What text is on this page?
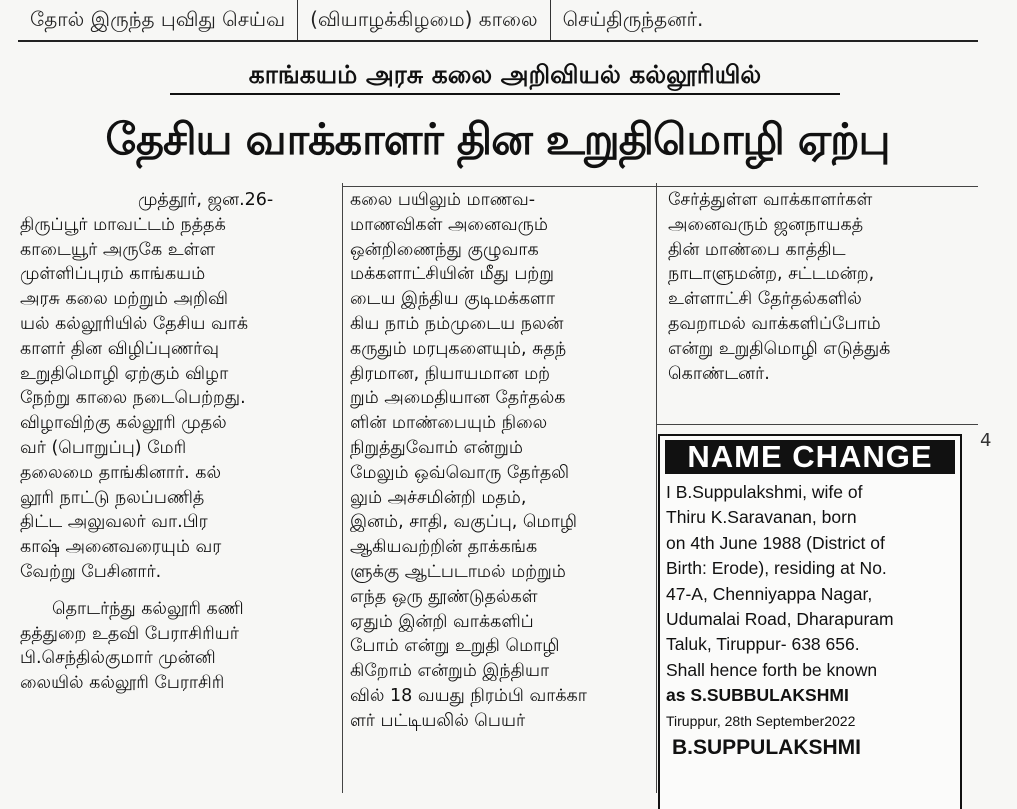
தோல் இருந்த புவிது செய்வ	(வியாழக்கிழமை) காலை	செய்திருந்தனர்.
காங்கயம் அரசு கலை அறிவியல் கல்லூரியில்
தேசிய வாக்காளர் தின உறுதிமொழி ஏற்பு

முத்தூர், ஜன.26-

திருப்பூர் மாவட்டம் நத்தக்

காடையூர் அருகே உள்ள

முள்ளிப்புரம் காங்கயம்

அரசு கலை மற்றும் அறிவி

யல் கல்லூரியில் தேசிய வாக்

காளர் தின விழிப்புணர்வு

உறுதிமொழி ஏற்கும் விழா

நேற்று காலை நடைபெற்றது.

விழாவிற்கு கல்லூரி முதல்

வர் (பொறுப்பு) மேரி

தலைமை தாங்கினார். கல்

லூரி நாட்டு நலப்பணித்

திட்ட அலுவலர் வா.பிர

காஷ் அனைவரையும் வர

வேற்று பேசினார்.

தொடர்ந்து கல்லூரி கணி

தத்துறை உதவி பேராசிரியர்

பி.செந்தில்குமார் முன்னி

லையில் கல்லூரி பேராசிரி

கலை பயிலும் மாணவ-

மாணவிகள் அனைவரும்

ஒன்றிணைந்து குழுவாக

மக்களாட்சியின் மீது பற்று

டைய இந்திய குடிமக்களா

கிய நாம் நம்முடைய நலன்

கருதும் மரபுகளையும், சுதந்

திரமான, நியாயமான மற்

றும் அமைதியான தேர்தல்க

ளின் மாண்பையும் நிலை

நிறுத்துவோம் என்றும்

மேலும் ஒவ்வொரு தேர்தலி

லும் அச்சமின்றி மதம்,

இனம், சாதி, வகுப்பு, மொழி

ஆகியவற்றின் தாக்கங்க

ளுக்கு ஆட்படாமல் மற்றும்

எந்த ஒரு தூண்டுதல்கள்

ஏதும் இன்றி வாக்களிப்

போம் என்று உறுதி மொழி

கிறோம் என்றும் இந்தியா

வில் 18 வயது நிரம்பி வாக்கா

ளர் பட்டியலில் பெயர்

சேர்த்துள்ள வாக்காளர்கள்

அனைவரும் ஜனநாயகத்

தின் மாண்பை காத்திட

நாடாளுமன்ற, சட்டமன்ற,

உள்ளாட்சி தேர்தல்களில்

தவறாமல் வாக்களிப்போம்

என்று உறுதிமொழி எடுத்துக்

கொண்டனர்.

NAME CHANGE

I B.Suppulakshmi, wife of

Thiru K.Saravanan, born

on 4th June 1988 (District of

Birth: Erode), residing at No.

47-A, Chenniyappa Nagar,

Udumalai Road, Dharapuram

Taluk, Tiruppur- 638 656.

Shall hence forth be known

as S.SUBBULAKSHMI

Tiruppur, 28th September2022
B.SUPPULAKSHMI
4
